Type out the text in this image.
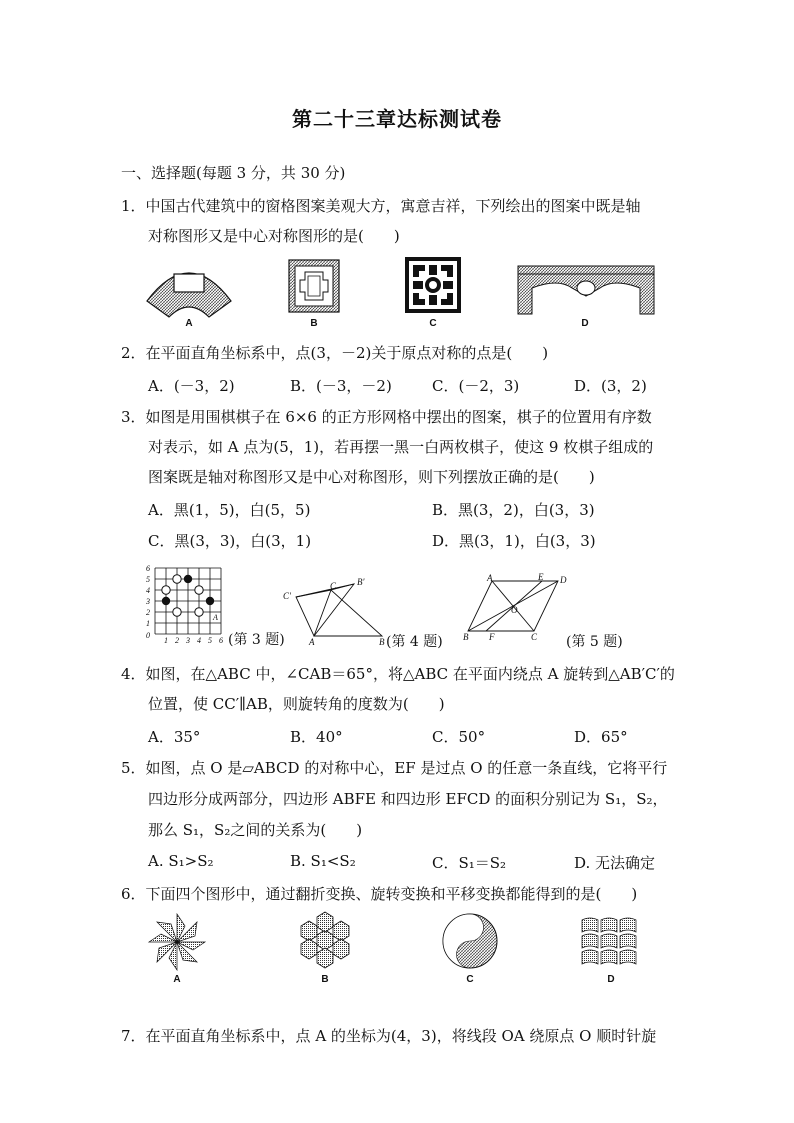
第二十三章达标测试卷
一、选择题(每题 3 分，共 30 分)
1．中国古代建筑中的窗格图案美观大方，寓意吉祥，下列绘出的图案中既是轴
对称图形又是中心对称图形的是(　　)
A	B	C	D
2．在平面直角坐标系中，点(3，－2)关于原点对称的点是(　　)
A．(－3，2)	B．(－3，－2)	C．(－2，3)	D．(3，2)
3．如图是用围棋棋子在 6×6 的正方形网格中摆出的图案，棋子的位置用有序数
对表示，如 A 点为(5，1)，若再摆一黑一白两枚棋子，使这 9 枚棋子组成的
图案既是轴对称图形又是中心对称图形，则下列摆放正确的是(　　)
A．黑(1，5)，白(5，5)	B．黑(3，2)，白(3，3)
C．黑(3，3)，白(3，1)	D．黑(3，1)，白(3，3)
6
5
4
3
2
1
0
1 2 3 4 5 6
A
(第 3 题)
C'
B'
C
A	B (第 4 题)
A	E D
O
B F	C (第 5 题)
4．如图，在△ABC 中，∠CAB＝65°，将△ABC 在平面内绕点 A 旋转到△AB′C′的
位置，使 CC′∥AB，则旋转角的度数为(　　)
A．35°	B．40°	C．50°	D．65°
5．如图，点 O 是▱ABCD 的对称中心，EF 是过点 O 的任意一条直线，它将平行
四边形分成两部分，四边形 ABFE 和四边形 EFCD 的面积分别记为 S₁，S₂，
那么 S₁，S₂之间的关系为(　　)
A. S₁>S₂	B. S₁<S₂	C．S₁＝S₂	D. 无法确定
6．下面四个图形中，通过翻折变换、旋转变换和平移变换都能得到的是(　　)
A	B	C	D
7．在平面直角坐标系中，点 A 的坐标为(4，3)，将线段 OA 绕原点 O 顺时针旋
